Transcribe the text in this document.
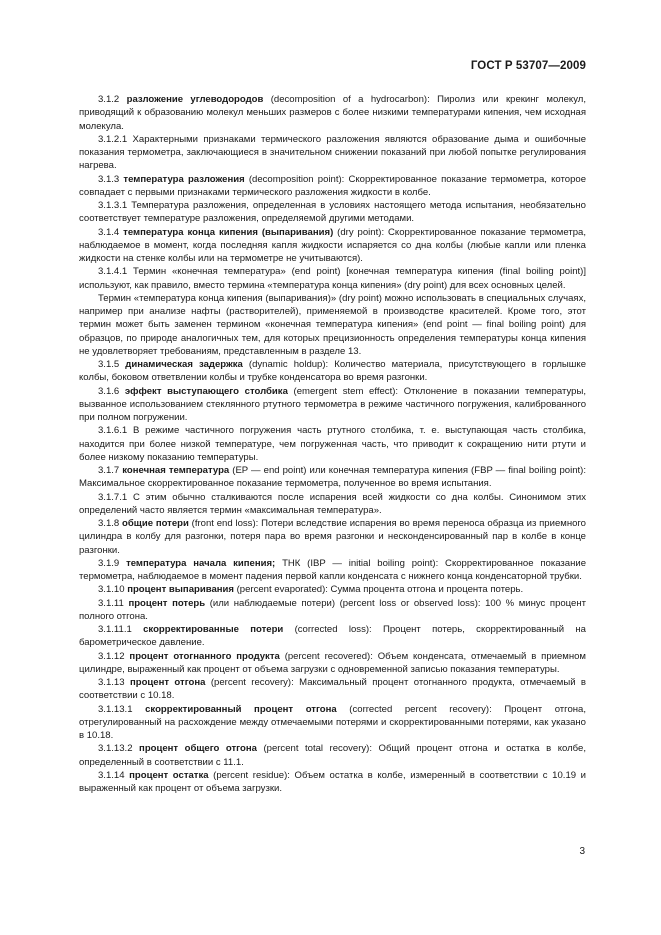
ГОСТ Р 53707—2009

3.1.2 разложение углеводородов (decomposition of a hydrocarbon): Пиролиз или крекинг молекул, приводящий к образованию молекул меньших размеров с более низкими температурами кипения, чем исходная молекула.

3.1.2.1 Характерными признаками термического разложения являются образование дыма и ошибочные показания термометра, заключающиеся в значительном снижении показаний при любой попытке регулирования нагрева.

3.1.3 температура разложения (decomposition point): Скорректированное показание термометра, которое совпадает с первыми признаками термического разложения жидкости в колбе.

3.1.3.1 Температура разложения, определенная в условиях настоящего метода испытания, необязательно соответствует температуре разложения, определяемой другими методами.

3.1.4 температура конца кипения (выпаривания) (dry point): Скорректированное показание термометра, наблюдаемое в момент, когда последняя капля жидкости испаряется со дна колбы (любые капли или пленка жидкости на стенке колбы или на термометре не учитываются).

3.1.4.1 Термин «конечная температура» (end point) [конечная температура кипения (final boiling point)] используют, как правило, вместо термина «температура конца кипения» (dry point) для всех основных целей.

Термин «температура конца кипения (выпаривания)» (dry point) можно использовать в специальных случаях, например при анализе нафты (растворителей), применяемой в производстве красителей. Кроме того, этот термин может быть заменен термином «конечная температура кипения» (end point — final boiling point) для образцов, по природе аналогичных тем, для которых прецизионность определения температуры конца кипения не удовлетворяет требованиям, представленным в разделе 13.

3.1.5 динамическая задержка (dynamic holdup): Количество материала, присутствующего в горлышке колбы, боковом ответвлении колбы и трубке конденсатора во время разгонки.

3.1.6 эффект выступающего столбика (emergent stem effect): Отклонение в показании температуры, вызванное использованием стеклянного ртутного термометра в режиме частичного погружения, калиброванного при полном погружении.

3.1.6.1 В режиме частичного погружения часть ртутного столбика, т. е. выступающая часть столбика, находится при более низкой температуре, чем погруженная часть, что приводит к сокращению нити ртути и более низкому показанию температуры.

3.1.7 конечная температура (EP — end point) или конечная температура кипения (FBP — final boiling point): Максимальное скорректированное показание термометра, полученное во время испытания.

3.1.7.1 С этим обычно сталкиваются после испарения всей жидкости со дна колбы. Синонимом этих определений часто является термин «максимальная температура».

3.1.8 общие потери (front end loss): Потери вследствие испарения во время переноса образца из приемного цилиндра в колбу для разгонки, потеря пара во время разгонки и несконденсированный пар в колбе в конце разгонки.

3.1.9 температура начала кипения; ТНК (IBP — initial boiling point): Скорректированное показание термометра, наблюдаемое в момент падения первой капли конденсата с нижнего конца конденсаторной трубки.

3.1.10 процент выпаривания (percent evaporated): Сумма процента отгона и процента потерь.

3.1.11 процент потерь (или наблюдаемые потери) (percent loss or observed loss): 100 % минус процент полного отгона.

3.1.11.1 скорректированные потери (corrected loss): Процент потерь, скорректированный на барометрическое давление.

3.1.12 процент отогнанного продукта (percent recovered): Объем конденсата, отмечаемый в приемном цилиндре, выраженный как процент от объема загрузки с одновременной записью показания температуры.

3.1.13 процент отгона (percent recovery): Максимальный процент отогнанного продукта, отмечаемый в соответствии с 10.18.

3.1.13.1 скорректированный процент отгона (corrected percent recovery): Процент отгона, отрегулированный на расхождение между отмечаемыми потерями и скорректированными потерями, как указано в 10.18.

3.1.13.2 процент общего отгона (percent total recovery): Общий процент отгона и остатка в колбе, определенный в соответствии с 11.1.

3.1.14 процент остатка (percent residue): Объем остатка в колбе, измеренный в соответствии с 10.19 и выраженный как процент от объема загрузки.

3
